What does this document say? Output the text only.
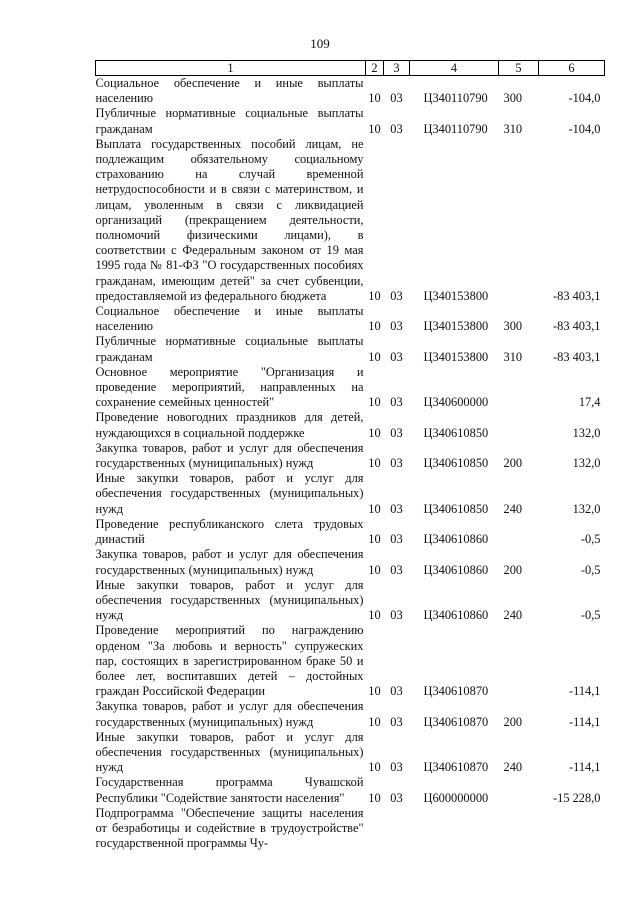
109
1	2	3	4	5	6
Социальное обеспечение и иные выплаты населению	10	03	Ц340110790	300	-104,0
Публичные нормативные социальные выплаты гражданам	10	03	Ц340110790	310	-104,0
Выплата государственных пособий лицам, не подлежащим обязательному социальному страхованию на случай временной нетрудоспособности и в связи с материнством, и лицам, уволенным в связи с ликвидацией организаций (прекращением деятельности, полномочий физическими лицами), в соответствии с Федеральным законом от 19 мая 1995 года № 81-ФЗ "О государственных пособиях гражданам, имеющим детей" за счет субвенции, предоставляемой из федерального бюджета	10	03	Ц340153800		-83 403,1
Социальное обеспечение и иные выплаты населению	10	03	Ц340153800	300	-83 403,1
Публичные нормативные социальные выплаты гражданам	10	03	Ц340153800	310	-83 403,1
Основное мероприятие "Организация и проведение мероприятий, направленных на сохранение семейных ценностей"	10	03	Ц340600000		17,4
Проведение новогодних праздников для детей, нуждающихся в социальной поддержке	10	03	Ц340610850		132,0
Закупка товаров, работ и услуг для обеспечения государственных (муниципальных) нужд	10	03	Ц340610850	200	132,0
Иные закупки товаров, работ и услуг для обеспечения государственных (муниципальных) нужд	10	03	Ц340610850	240	132,0
Проведение республиканского слета трудовых династий	10	03	Ц340610860		-0,5
Закупка товаров, работ и услуг для обеспечения государственных (муниципальных) нужд	10	03	Ц340610860	200	-0,5
Иные закупки товаров, работ и услуг для обеспечения государственных (муниципальных) нужд	10	03	Ц340610860	240	-0,5
Проведение мероприятий по награждению орденом "За любовь и верность" супружеских пар, состоящих в зарегистрированном браке 50 и более лет, воспитавших детей – достойных граждан Российской Федерации	10	03	Ц340610870		-114,1
Закупка товаров, работ и услуг для обеспечения государственных (муниципальных) нужд	10	03	Ц340610870	200	-114,1
Иные закупки товаров, работ и услуг для обеспечения государственных (муниципальных) нужд	10	03	Ц340610870	240	-114,1
Государственная программа Чувашской Республики "Содействие занятости населения"	10	03	Ц600000000		-15 228,0
Подпрограмма "Обеспечение защиты населения от безработицы и содействие в трудоустройстве" государственной программы Чу-					
